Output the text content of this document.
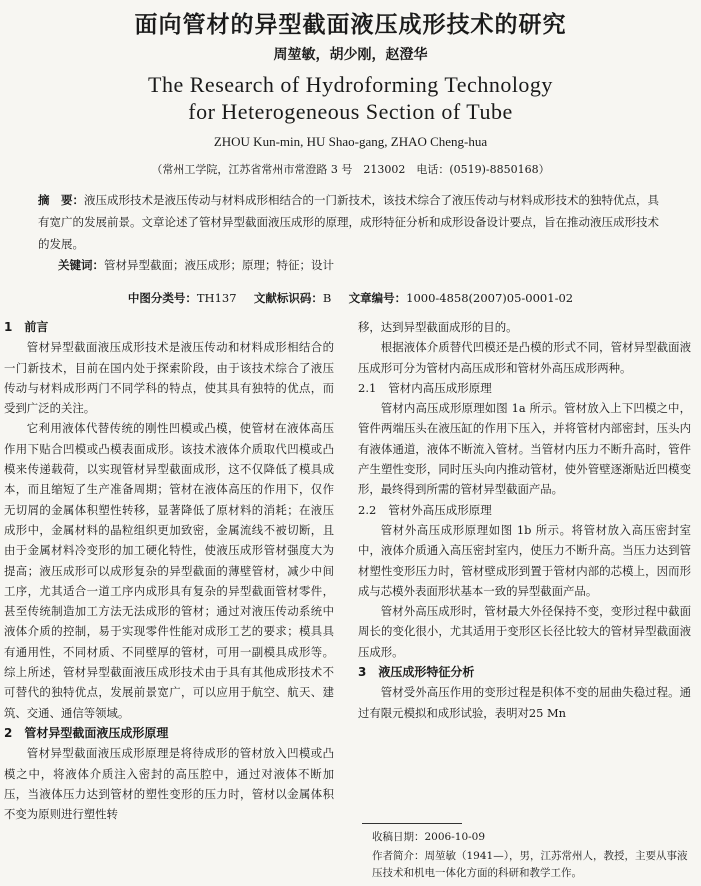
面向管材的异型截面液压成形技术的研究
周堃敏，胡少刚，赵澄华
The Research of Hydroforming Technology
for Heterogeneous Section of Tube
ZHOU Kun-min, HU Shao-gang, ZHAO Cheng-hua
（常州工学院，江苏省常州市常澄路 3 号　213002　电话：(0519)-8850168）

摘　要：液压成形技术是液压传动与材料成形相结合的一门新技术，该技术综合了液压传动与材料成形技术的独特优点，具有宽广的发展前景。文章论述了管材异型截面液压成形的原理，成形特征分析和成形设备设计要点，旨在推动液压成形技术的发展。

关键词：管材异型截面；液压成形；原理；特征；设计

中图分类号：TH137 文献标识码：B 文章编号：1000-4858(2007)05-0001-02
1 前言

管材异型截面液压成形技术是液压传动和材料成形相结合的一门新技术，目前在国内处于探索阶段，由于该技术综合了液压传动与材料成形两门不同学科的特点，使其具有独特的优点，而受到广泛的关注。

它利用液体代替传统的刚性凹模或凸模，使管材在液体高压作用下贴合凹模或凸模表面成形。该技术液体介质取代凹模或凸模来传递载荷，以实现管材异型截面成形，这不仅降低了模具成本，而且缩短了生产准备周期；管材在液体高压的作用下，仅作无切屑的金属体积塑性转移，显著降低了原材料的消耗；在液压成形中，金属材料的晶粒组织更加致密，金属流线不被切断，且由于金属材料冷变形的加工硬化特性，使液压成形管材强度大为提高；液压成形可以成形复杂的异型截面的薄壁管材，减少中间工序，尤其适合一道工序内成形具有复杂的异型截面管材零件，甚至传统制造加工方法无法成形的管材；通过对液压传动系统中液体介质的控制，易于实现零件性能对成形工艺的要求；模具具有通用性，不同材质、不同壁厚的管材，可用一副模具成形等。综上所述，管材异型截面液压成形技术由于具有其他成形技术不可替代的独特优点，发展前景宽广，可以应用于航空、航天、建筑、交通、通信等领域。

2 管材异型截面液压成形原理

管材异型截面液压成形原理是将待成形的管材放入凹模或凸模之中，将液体介质注入密封的高压腔中，通过对液体不断加压，当液体压力达到管材的塑性变形的压力时，管材以金属体积不变为原则进行塑性转

移，达到异型截面成形的目的。

根据液体介质替代凹模还是凸模的形式不同，管材异型截面液压成形可分为管材内高压成形和管材外高压成形两种。

2.1 管材内高压成形原理

管材内高压成形原理如图 1a 所示。管材放入上下凹模之中，管件两端压头在液压缸的作用下压入，并将管材内部密封，压头内有液体通道，液体不断流入管材。当管材内压力不断升高时，管件产生塑性变形，同时压头向内推动管材，使外管壁逐渐贴近凹模变形，最终得到所需的管材异型截面产品。

2.2 管材外高压成形原理

管材外高压成形原理如图 1b 所示。将管材放入高压密封室中，液体介质通入高压密封室内，使压力不断升高。当压力达到管材塑性变形压力时，管材壁成形到置于管材内部的芯模上，因而形成与芯模外表面形状基本一致的异型截面产品。

管材外高压成形时，管材最大外径保持不变，变形过程中截面周长的变化很小，尤其适用于变形区长径比较大的管材异型截面液压成形。

3 液压成形特征分析

管材受外高压作用的变形过程是积体不变的屈曲失稳过程。通过有限元模拟和成形试验，表明对25 Mn

收稿日期：2006-10-09

作者简介：周堃敏（1941—），男，江苏常州人，教授，主要从事液压技术和机电一体化方面的科研和教学工作。
